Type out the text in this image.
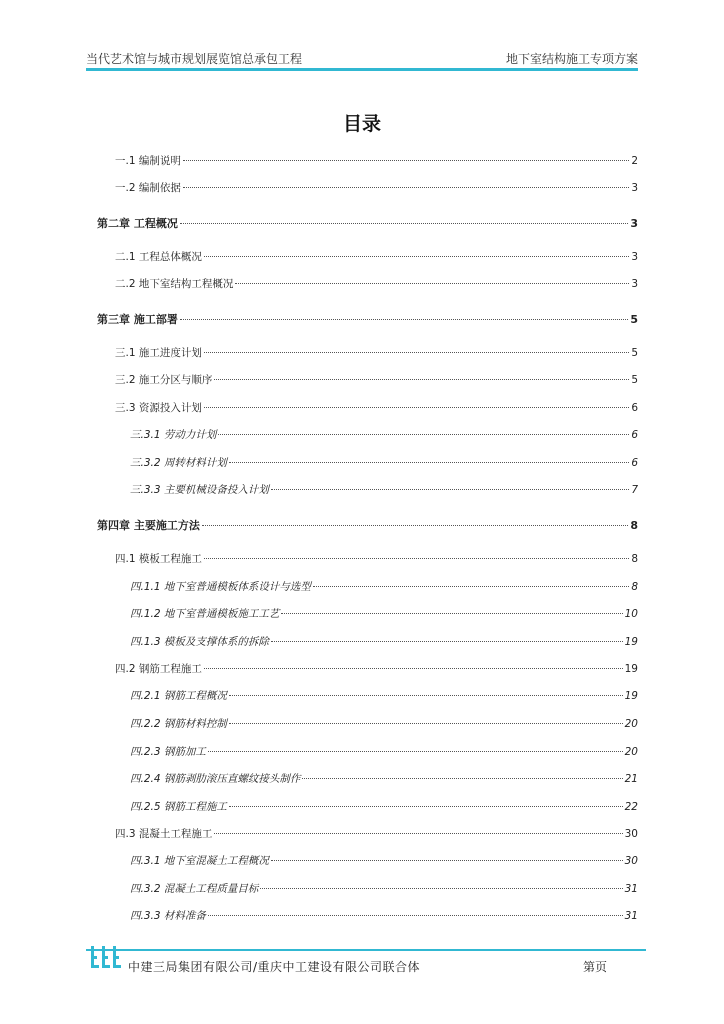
当代艺术馆与城市规划展览馆总承包工程	地下室结构施工专项方案
目录
一.1 编制说明	2
一.2 编制依据	3
第二章 工程概况	3
二.1 工程总体概况	3
二.2 地下室结构工程概况	3
第三章 施工部署	5
三.1 施工进度计划	5
三.2 施工分区与顺序	5
三.3 资源投入计划	6
三.3.1 劳动力计划	6
三.3.2 周转材料计划	6
三.3.3 主要机械设备投入计划	7
第四章 主要施工方法	8
四.1 模板工程施工	8
四.1.1 地下室普通模板体系设计与选型	8
四.1.2 地下室普通模板施工工艺	10
四.1.3 模板及支撑体系的拆除	19
四.2 钢筋工程施工	19
四.2.1 钢筋工程概况	19
四.2.2 钢筋材料控制	20
四.2.3 钢筋加工	20
四.2.4 钢筋剥肋滚压直螺纹接头制作	21
四.2.5 钢筋工程施工	22
四.3 混凝土工程施工	30
四.3.1 地下室混凝土工程概况	30
四.3.2 混凝土工程质量目标	31
四.3.3 材料准备	31
中建三局集团有限公司/重庆中工建设有限公司联合体	第页
